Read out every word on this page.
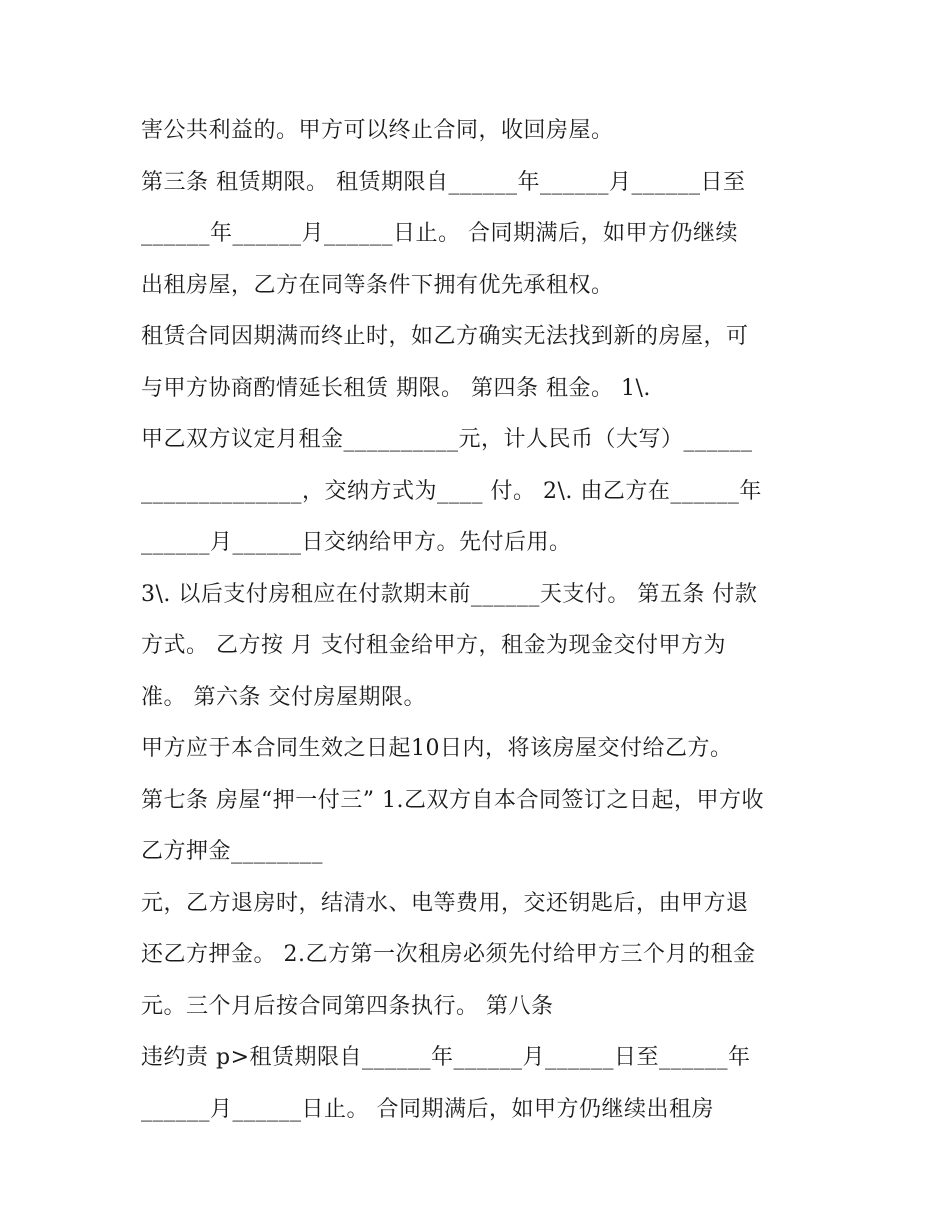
害公共利益的。甲方可以终止合同，收回房屋。
第三条 租赁期限。 租赁期限自______年______月______日至
______年______月______日止。 合同期满后，如甲方仍继续
出租房屋，乙方在同等条件下拥有优先承租权。
租赁合同因期满而终止时，如乙方确实无法找到新的房屋，可
与甲方协商酌情延长租赁 期限。 第四条 租金。 1\.
甲乙双方议定月租金__________元，计人民币（大写）______
______________，交纳方式为____ 付。 2\. 由乙方在______年
______月______日交纳给甲方。先付后用。
3\. 以后支付房租应在付款期末前______天支付。 第五条 付款
方式。 乙方按 月 支付租金给甲方，租金为现金交付甲方为
准。 第六条 交付房屋期限。
甲方应于本合同生效之日起10日内，将该房屋交付给乙方。
第七条 房屋“押一付三” 1.乙双方自本合同签订之日起，甲方收
乙方押金________
元，乙方退房时，结清水、电等费用，交还钥匙后，由甲方退
还乙方押金。 2.乙方第一次租房必须先付给甲方三个月的租金
元。三个月后按合同第四条执行。 第八条
违约责 p>租赁期限自______年______月______日至______年
______月______日止。 合同期满后，如甲方仍继续出租房
